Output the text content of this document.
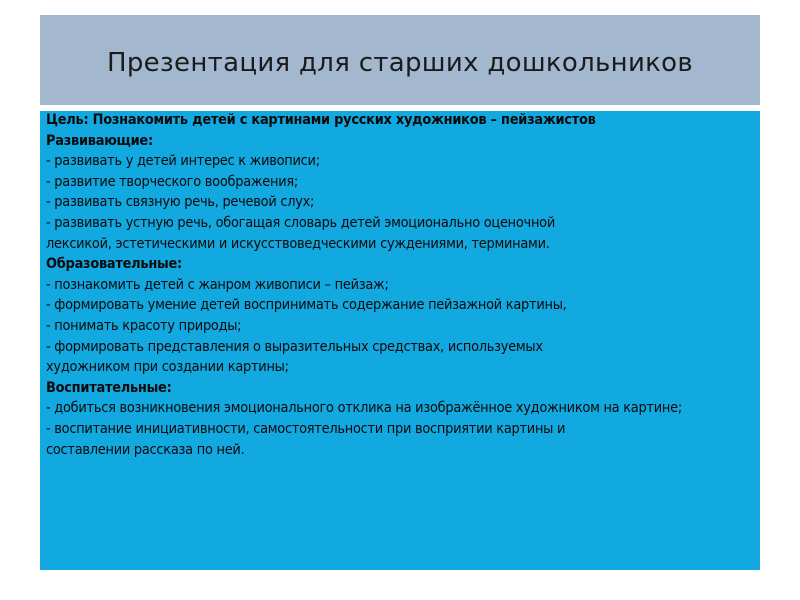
Презентация для старших дошкольников

Цель: Познакомить детей с картинами русских художников – пейзажистов

Развивающие:

- развивать у детей интерес к живописи;

- развитие творческого воображения;

- развивать связную речь, речевой слух;

- развивать устную речь, обогащая словарь детей эмоционально оценочной

лексикой, эстетическими и искусствоведческими суждениями, терминами.

Образовательные:

- познакомить детей с жанром живописи – пейзаж;

- формировать умение детей воспринимать содержание пейзажной картины,

- понимать красоту природы;

- формировать представления о выразительных средствах, используемых

художником при создании картины;

Воспитательные:

- добиться возникновения эмоционального отклика на изображённое художником на картине;

- воспитание инициативности, самостоятельности при восприятии картины и

составлении рассказа по ней.
